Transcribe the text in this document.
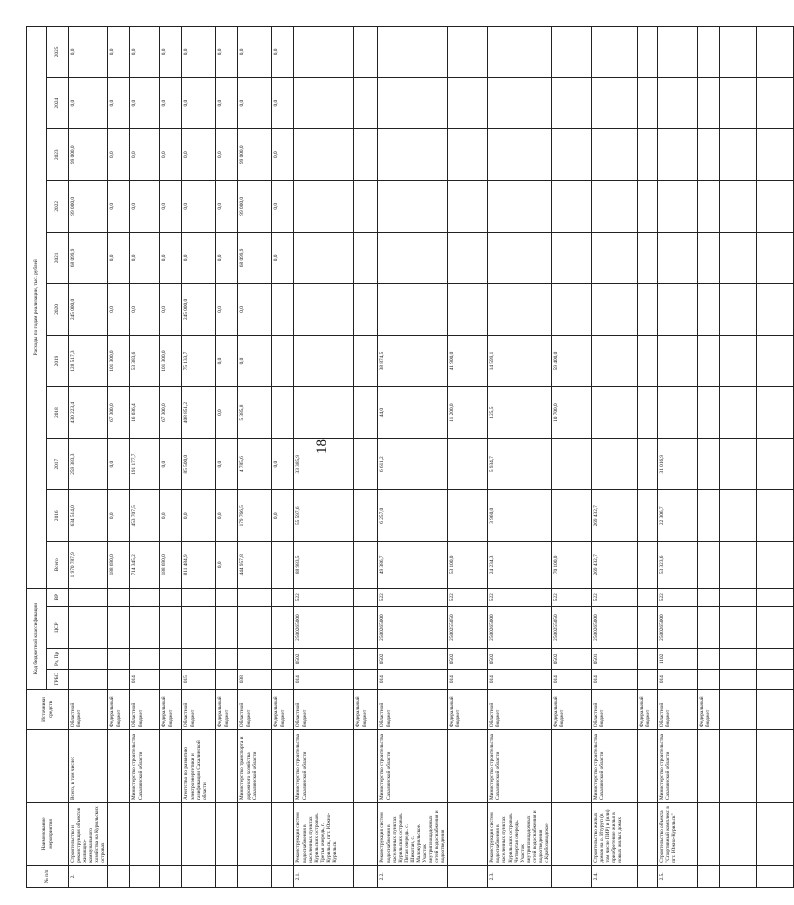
18
№ п/п	Наименование мероприятия		Источники средств	Код бюджетной классификации				Расходы по годам реализации, тыс. рублей										
				ГРБС	Рз, Пр	ЦСР	ВР	Всего	2016	2017	2018	2019	2020	2021	2022	2023	2024	2025
2.	Строительство и реконструкция объектов жилищно-коммунального хозяйства на Курильских островах	Всего, в том числе:	Областной бюджет					1 970 787,9	634 514,0	259 383,3	430 223,4	128 517,3	245 000,0	68 099,9	99 000,0	99 000,0	0,0	0,0
			Федеральный бюджет					188 690,0	0,0	0,0	67 300,0	101 300,0	0,0	0,0	0,0	0,0	0,0	0,0
		Министерство строительства Сахалинской области	Областной бюджет	014				714 345,2	453 707,5	191 177,7	16 036,4	53 383,6	0,0	0,0	0,0	0,0	0,0	0,0
			Федеральный бюджет					188 690,0	0,0	0,0	67 300,0	101 300,0	0,0	0,0	0,0	0,0	0,0	0,0
		Агентство по развитию электроэнергетики и газификации Сахалинской области	Областной бюджет	015				811 484,9	0,0	85 500,0	408 851,2	75 133,7	245 000,0	0,0	0,0	0,0	0,0	0,0
			Федеральный бюджет					0,0	0,0	0,0	0,0	0,0	0,0	0,0	0,0	0,0	0,0	0,0
		Министерство транспорта и дорожного хозяйства Сахалинской области	Областной бюджет	038				444 957,8	179 766,5	4 785,6	5 385,8	0,0	0,0	68 099,9	99 000,0	99 000,0	0,0	0,0
			Федеральный бюджет						0,0	0,0				0,0	0,0	0,0	0,0	0,0
2.1.	Реконструкция систем водоснабжения в населенных пунктах Курильских островов. Третья очередь, г. Курильск, пгт. Южно-Курильск	Министерство строительства Сахалинской области	Областной бюджет	014	0502	2500265000	522	88 983,5	55 597,6	33 385,9								
			Федеральный бюджет															
2.2.	Реконструкция систем водоснабжения в населенных пунктах Курильских островов. Пятая очередь. с. Шикотан, с. Малокурильское. Участок внутриплощадочных сетей водоснабжения и водоотведения	Министерство строительства Сахалинской области	Областной бюджет	014	0502	2500265000	522	49 386,7	6 257,0	6 611,2	44,0	38 874,5						
			Федеральный бюджет	014	0502	2500255050	522	53 100,0			11 200,0	41 900,0						
2.3.	Реконструкция систем водоснабжения в населенных пунктах Курильских островов. Четвертая очередь. Участок внутриплощадочных сетей водоснабжения и водоотведения с.Крабозаводское	Министерство строительства Сахалинской области	Областной бюджет	014	0502	2500265000	522	24 234,3	3 960,0	5 934,7	125,5	14 599,1						
			Федеральный бюджет	014	0502	2500255050	522	70 100,0			10 700,0	59 400,0						
2.4.	Строительство жилых домов на о. Итуруп (в том числе ПИР) и (или) приобретение жилья в новых жилых домах	Министерство строительства Сахалинской области	Областной бюджет	014	0501	2500265000	522	269 432,7	269 432,7									
			Федеральный бюджет															
2.5.	Строительство объекта "Спортивный комплекс в пгт. Южно-Курильск"	Министерство строительства Сахалинской области	Областной бюджет	014	1102	2500265000	522	53 323,6	22 306,7	31 016,9								
			Федеральный бюджет															
